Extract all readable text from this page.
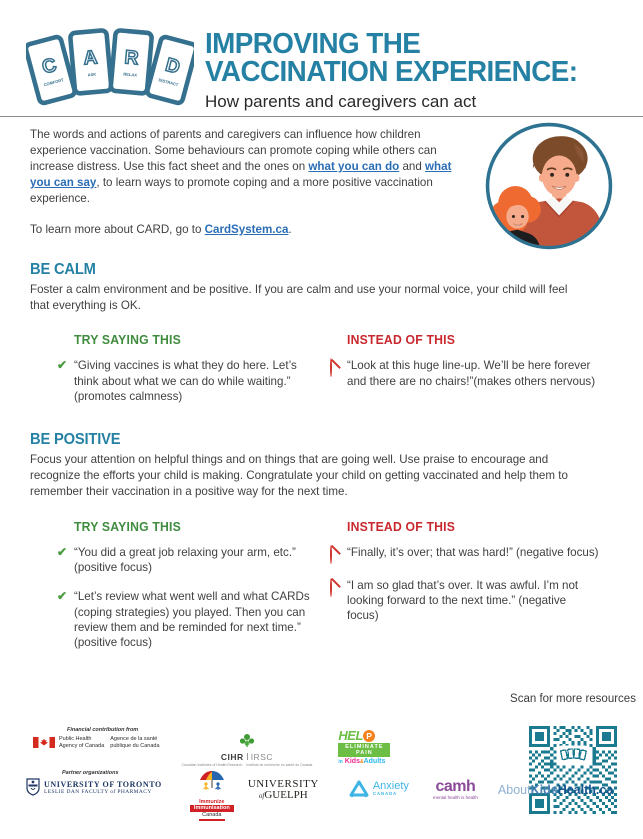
C
COMFORT
A
ASK
R
RELAX D
DISTRACT
IMPROVING THE
VACCINATION EXPERIENCE:
How parents and caregivers can act

The words and actions of parents and caregivers can influence how children experience vaccination. Some behaviours can promote coping while others can increase distress. Use this fact sheet and the ones on what you can do and what you can say, to learn ways to promote coping and a more positive vaccination experience.

To learn more about CARD, go to CardSystem.ca.

BE CALM
Foster a calm environment and be positive. If you are calm and use your normal voice, your child will feel that everything is OK.
TRY SAYING THIS
✔ “Giving vaccines is what they do here. Let’s think about what we can do while waiting.” (promotes calmness)
INSTEAD OF THIS
“Look at this huge line-up. We’ll be here forever and there are no chairs!”(makes others nervous)
BE POSITIVE
Focus your attention on helpful things and on things that are going well. Use praise to encourage and recognize the efforts your child is making. Congratulate your child on getting vaccinated and help them to remember their vaccination in a positive way for the next time.
TRY SAYING THIS
✔ “You did a great job relaxing your arm, etc.” (positive focus)
✔ “Let’s review what went well and what CARDs (coping strategies) you played. Then you can review them and be reminded for next time.” (positive focus)
INSTEAD OF THIS
“Finally, it’s over; that was hard!” (negative focus)
“I am so glad that’s over. It was awful. I’m not looking forward to the next time.” (negative focus)
Scan for more resources
Financial contribution from
Public Health
Agency of Canada
Agence de la santé
publique du Canada
CIHR IRSC
Canadian Institutes of Health Research Instituts de recherche en santé du Canada
HEL P
ELIMINATE PAIN
in Kids&Adults
Partner organizations
UNIVERSITY OF TORONTO
LESLIE DAN FACULTY of PHARMACY
Immunize
Immunisation
Canada
UNIVERSITY
ofGUELPH
Anxiety
CANADA	camh
mental health is health
AboutKidsHealth.ca
